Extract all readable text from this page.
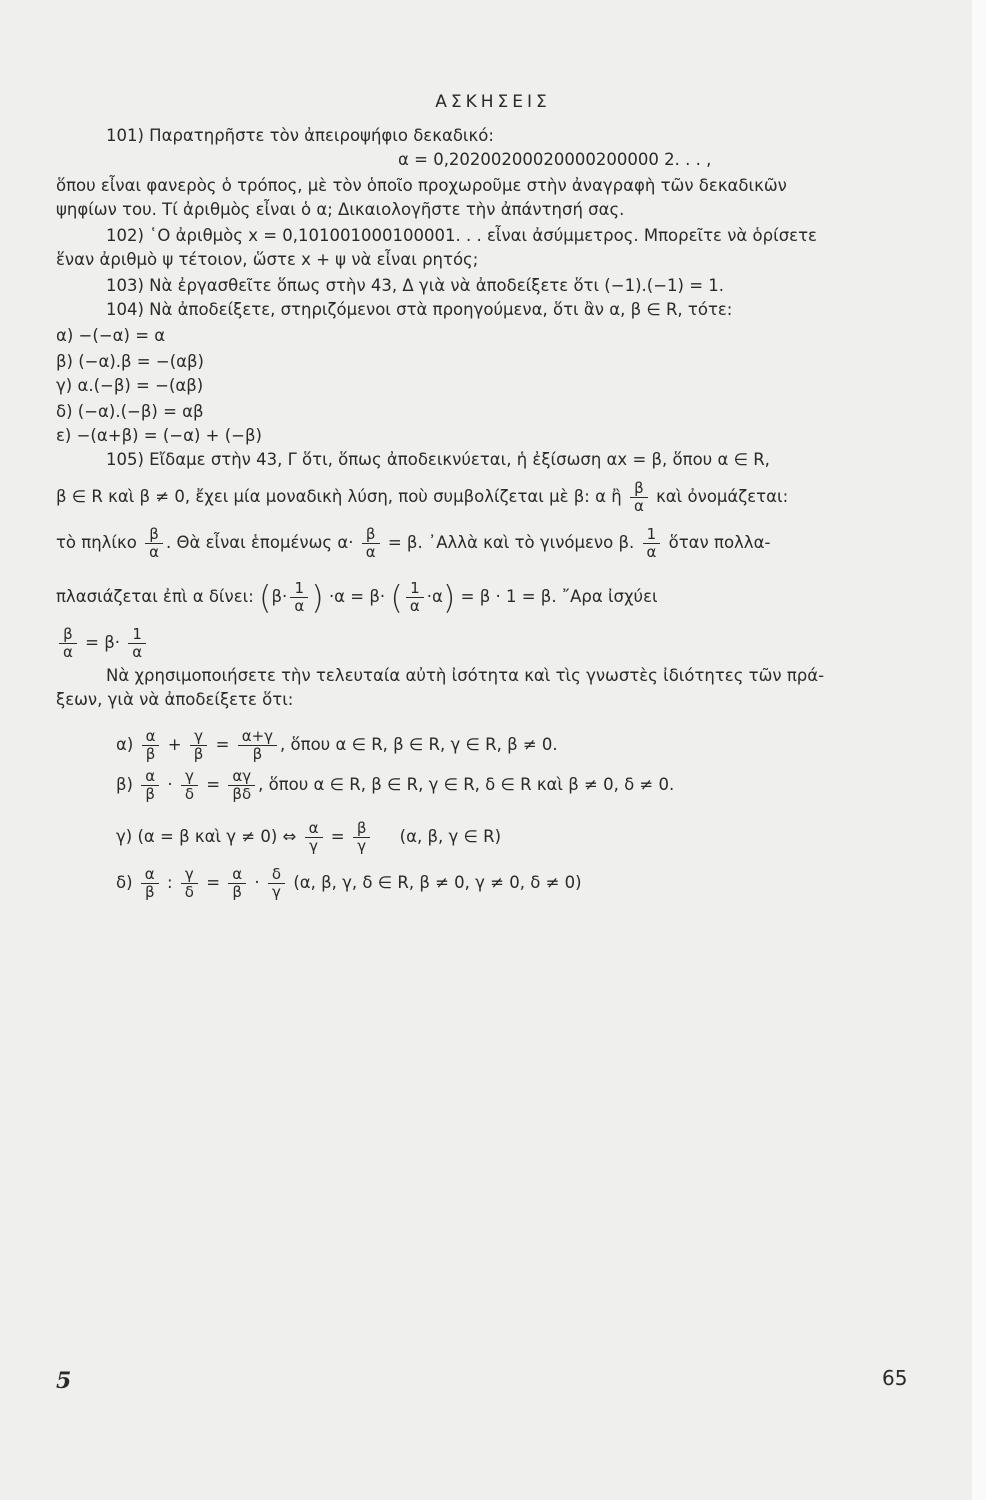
ΑΣΚΗΣΕΙΣ
101) Παρατηρῆστε τὸν ἀπειροψήφιο δεκαδικό:
α = 0,20200200020000200000 2. . . ,
ὅπου εἶναι φανερὸς ὁ τρόπος, μὲ τὸν ὁποῖο προχωροῦμε στὴν ἀναγραφὴ τῶν δεκαδικῶν
ψηφίων του. Τί ἀριθμὸς εἶναι ὁ α; Δικαιολογῆστε τὴν ἀπάντησή σας.
102) ῾Ο ἀριθμὸς x = 0,101001000100001. . . εἶναι ἀσύμμετρος. Μπορεῖτε νὰ ὁρίσετε
ἕναν ἀριθμὸ ψ τέτοιον, ὥστε x + ψ νὰ εἶναι ρητός;
103) Νὰ ἐργασθεῖτε ὅπως στὴν 43, Δ γιὰ νὰ ἀποδείξετε ὅτι (−1).(−1) = 1.
104) Νὰ ἀποδείξετε, στηριζόμενοι στὰ προηγούμενα, ὅτι ἂν α, β ∈ R, τότε:
α) −(−α) = α
β) (−α).β = −(αβ)
γ) α.(−β) = −(αβ)
δ) (−α).(−β) = αβ
ε) −(α+β) = (−α) + (−β)
105) Εἴδαμε στὴν 43, Γ ὅτι, ὅπως ἀποδεικνύεται, ἡ ἐξίσωση αx = β, ὅπου α ∈ R,
β ∈ R καὶ β ≠ 0, ἔχει μία μοναδικὴ λύση, ποὺ συμβολίζεται μὲ β: α ἢ $\frac{\beta}{\alpha}$ καὶ ὀνομάζεται:
τὸ πηλίκο $\frac{\beta}{\alpha}$ . Θὰ εἶναι ἑπομένως $\alpha\cdot \frac{\beta}{\alpha} = \beta$. ᾿Αλλὰ καὶ τὸ γινόμενο β. $\frac{1}{\alpha}$ ὅταν πολλα-
πλασιάζεται ἐπὶ α δίνει: ($\beta\cdot \frac{1}{\alpha}$ ) ·α = β· ( $\frac{1}{\alpha} \cdot\alpha) = \beta \cdot 1 = \beta$. ῎Αρα ἰσχύει
$\frac{\beta}{\alpha} = \beta\cdot \frac{1}{\alpha}$
Νὰ χρησιμοποιήσετε τὴν τελευταία αὐτὴ ἰσότητα καὶ τὶς γνωστὲς ἰδιότητες τῶν πρά-
ξεων, γιὰ νὰ ἀποδείξετε ὅτι:
$\alpha) \frac{\alpha}{\beta} + \frac{\gamma}{\beta} = \frac{\alpha+\gamma}{\beta}$ , ὅπου α ∈ R, β ∈ R, γ ∈ R, β ≠ 0.
$\beta) \frac{\alpha}{\beta} \cdot \frac{\gamma}{\delta} = \frac{\alpha\gamma}{\beta\delta}$ , ὅπου α ∈ R, β ∈ R, γ ∈ R, δ ∈ R καὶ β ≠ 0, δ ≠ 0.
γ) (α = β καὶ γ ≠ 0) ⇔ $\frac{\alpha}{\gamma} = \frac{\beta}{\gamma} (\alpha$, β, γ ∈ R)
$\delta) \frac{\alpha}{\beta}$ : $\frac{\gamma}{\delta} = \frac{\alpha}{\beta} \cdot \frac{\delta}{\gamma} (\alpha$, β, γ, δ ∈ R, β ≠ 0, γ ≠ 0, δ ≠ 0)
5	65
